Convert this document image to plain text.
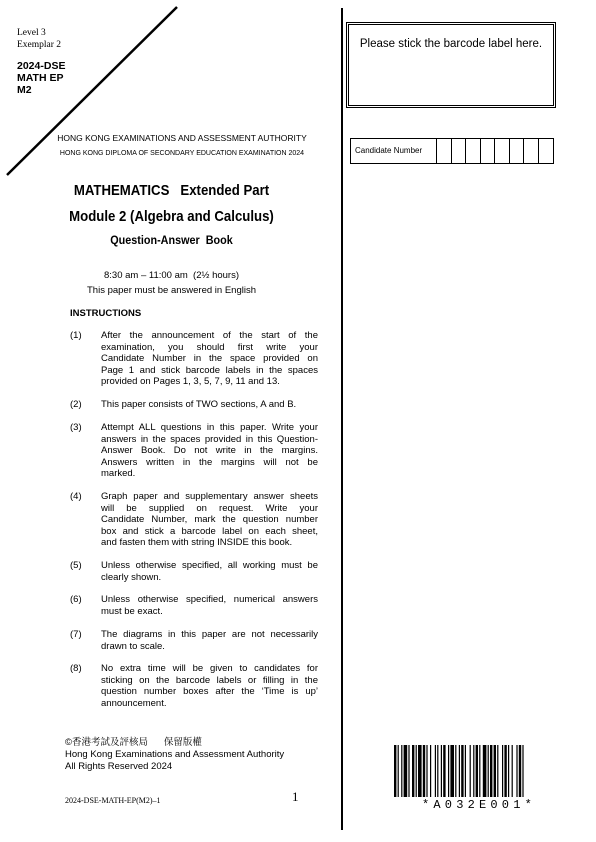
Level 3
Exemplar 2
2024-DSE
MATH EP
M2
Please stick the barcode label here.
HONG KONG EXAMINATIONS AND ASSESSMENT AUTHORITY
HONG KONG DIPLOMA OF SECONDARY EDUCATION EXAMINATION 2024	Candidate Number
MATHEMATICS   Extended Part
Module 2 (Algebra and Calculus)
Question-Answer  Book
8:30 am – 11:00 am  (2½ hours)
This paper must be answered in English
INSTRUCTIONS
(1) After the announcement of the start of the
examination, you should first write your
Candidate Number in the space provided on
Page 1 and stick barcode labels in the spaces
provided on Pages 1, 3, 5, 7, 9, 11 and 13.
(2) This paper consists of TWO sections, A and B.
(3) Attempt ALL questions in this paper. Write your
answers in the spaces provided in this Question-
Answer Book. Do not write in the margins.
Answers written in the margins will not be
marked.
(4) Graph paper and supplementary answer sheets
will be supplied on request. Write your
Candidate Number, mark the question number
box and stick a barcode label on each sheet,
and fasten them with string INSIDE this book.
(5) Unless otherwise specified, all working must be
clearly shown.
(6) Unless otherwise specified, numerical answers
must be exact.
(7) The diagrams in this paper are not necessarily
drawn to scale.
(8) No extra time will be given to candidates for
sticking on the barcode labels or filling in the
question number boxes after the ‘Time is up’
announcement.
©香港考試及評核局 保留版權
Hong Kong Examinations and Assessment Authority
All Rights Reserved 2024
2024-DSE-MATH-EP(M2)–1	1
*A032E001*
